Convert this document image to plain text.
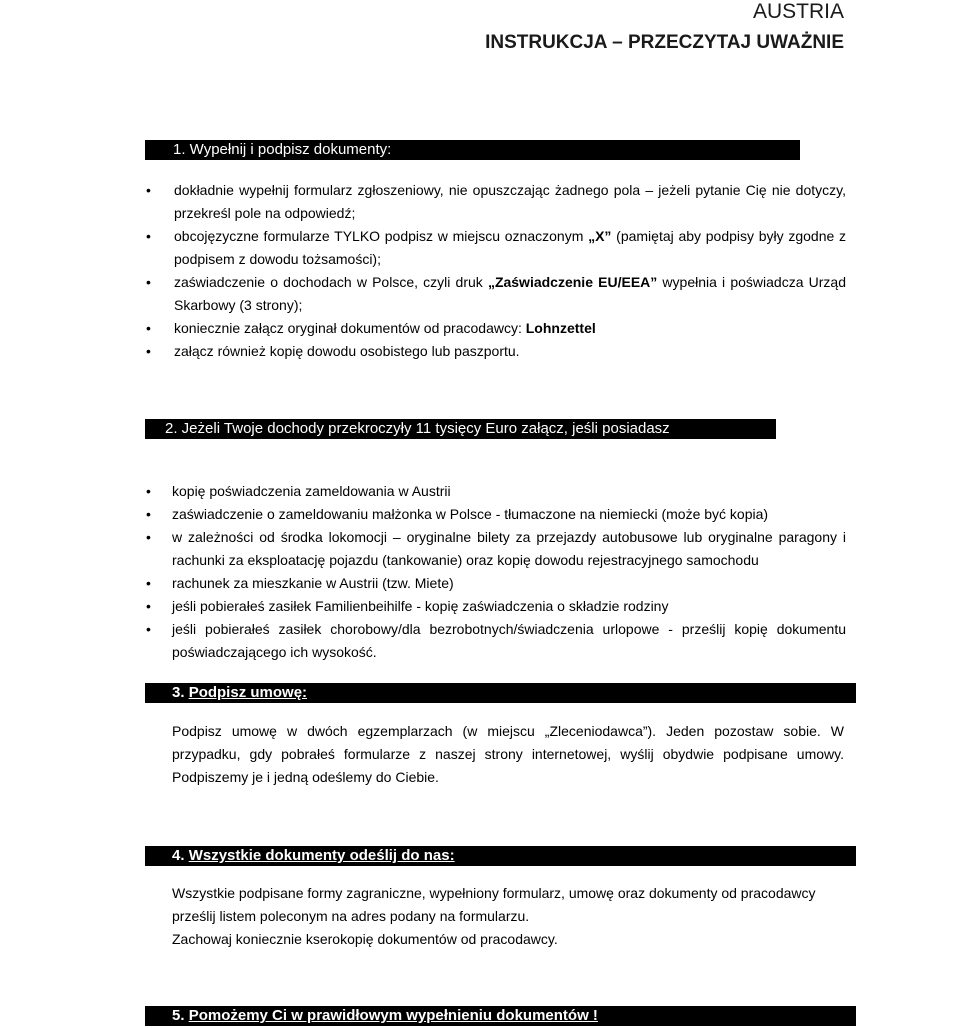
AUSTRIA
INSTRUKCJA – PRZECZYTAJ UWAŻNIE
1. Wypełnij i podpisz dokumenty:
• dokładnie wypełnij formularz zgłoszeniowy, nie opuszczając żadnego pola – jeżeli pytanie Cię nie dotyczy, przekreśl pole na odpowiedź;
• obcojęzyczne formularze TYLKO podpisz w miejscu oznaczonym „X” (pamiętaj aby podpisy były zgodne z podpisem z dowodu tożsamości);
• zaświadczenie o dochodach w Polsce, czyli druk „Zaświadczenie EU/EEA” wypełnia i poświadcza Urząd Skarbowy (3 strony);
• koniecznie załącz oryginał dokumentów od pracodawcy: Lohnzettel
• załącz również kopię dowodu osobistego lub paszportu.
2. Jeżeli Twoje dochody przekroczyły 11 tysięcy Euro załącz, jeśli posiadasz
• kopię poświadczenia zameldowania w Austrii
• zaświadczenie o zameldowaniu małżonka w Polsce - tłumaczone na niemiecki (może być kopia)
• w zależności od środka lokomocji – oryginalne bilety za przejazdy autobusowe lub oryginalne paragony i rachunki za eksploatację pojazdu (tankowanie) oraz kopię dowodu rejestracyjnego samochodu
• rachunek za mieszkanie w Austrii (tzw. Miete)
• jeśli pobierałeś zasiłek Familienbeihilfe - kopię zaświadczenia o składzie rodziny
• jeśli pobierałeś zasiłek chorobowy/dla bezrobotnych/świadczenia urlopowe - prześlij kopię dokumentu poświadczającego ich wysokość.
3. Podpisz umowę:
Podpisz umowę w dwóch egzemplarzach (w miejscu „Zleceniodawca”). Jeden pozostaw sobie. W przypadku, gdy pobrałeś formularze z naszej strony internetowej, wyślij obydwie podpisane umowy. Podpiszemy je i jedną odeślemy do Ciebie.
4. Wszystkie dokumenty odeślij do nas:
Wszystkie podpisane formy zagraniczne, wypełniony formularz, umowę oraz dokumenty od pracodawcy prześlij listem poleconym na adres podany na formularzu.
Zachowaj koniecznie kserokopię dokumentów od pracodawcy.
5. Pomożemy Ci w prawidłowym wypełnieniu dokumentów !
